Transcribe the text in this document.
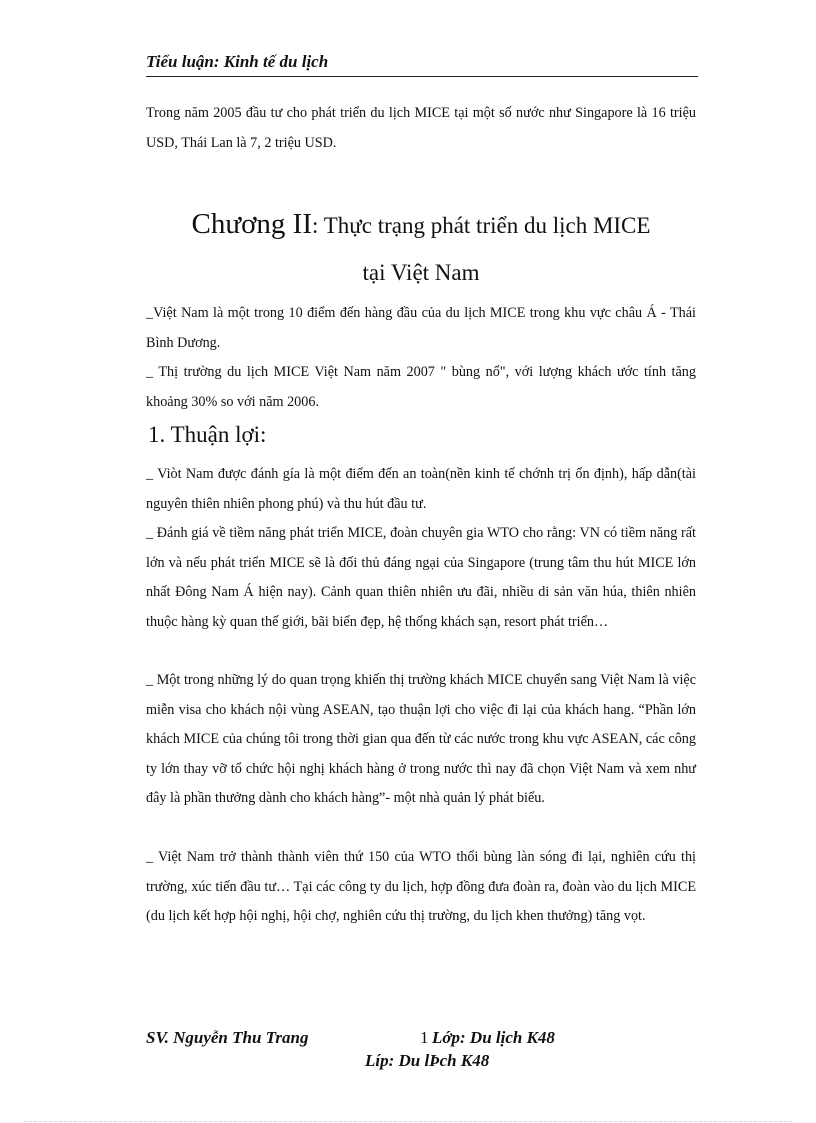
Tiểu luận: Kinh tế du lịch

Trong năm 2005 đầu tư cho phát triển du lịch MICE tại một số nước như Singapore là 16 triệu USD, Thái Lan là 7, 2 triệu USD.

Chương II: Thực trạng phát triển du lịch MICE
tại Việt Nam

_Việt Nam là một trong 10 điểm đến hàng đầu của du lịch MICE trong khu vực châu Á - Thái Bình Dương.

_ Thị trường du lịch MICE Việt Nam năm 2007 " bùng nổ", với lượng khách ước tính tăng khoảng 30% so với năm 2006.

1. Thuận lợi:

_ Viòt Nam được đánh gía là một điểm đến an toàn(nền kinh tế chớnh trị ổn định), hấp dẫn(tài nguyên thiên nhiên phong phú) và thu hút đầu tư.

_ Đánh giá về tiềm năng phát triển MICE, đoàn chuyên gia WTO cho rằng: VN có tiềm năng rất lớn và nếu phát triển MICE sẽ là đối thủ đáng ngại của Singapore (trung tâm thu hút MICE lớn nhất Đông Nam Á hiện nay). Cảnh quan thiên nhiên ưu đãi, nhiều di sản văn húa, thiên nhiên thuộc hàng kỳ quan thế giới, bãi biển đẹp, hệ thống khách sạn, resort phát triển…

_ Một trong những lý do quan trọng khiến thị trường khách MICE chuyển sang Việt Nam là việc miễn visa cho khách nội vùng ASEAN, tạo thuận lợi cho việc đi lại của khách hang. “Phần lớn khách MICE của chúng tôi trong thời gian qua đến từ các nước trong khu vực ASEAN, các công ty lớn thay vỡ tổ chức hội nghị khách hàng ở trong nước thì nay đã chọn Việt Nam và xem như đây là phần thưởng dành cho khách hàng”- một nhà quản lý phát biểu.

_ Việt Nam trở thành thành viên thứ 150 của WTO thổi bùng làn sóng đi lại, nghiên cứu thị trường, xúc tiến đầu tư… Tại các công ty du lịch, hợp đồng đưa đoàn ra, đoàn vào du lịch MICE (du lịch kết hợp hội nghị, hội chợ, nghiên cứu thị trường, du lịch khen thưởng) tăng vọt.

SV. Nguyễn Thu Trang	1 Lớp: Du lịch K48
Líp: Du lÞch K48
